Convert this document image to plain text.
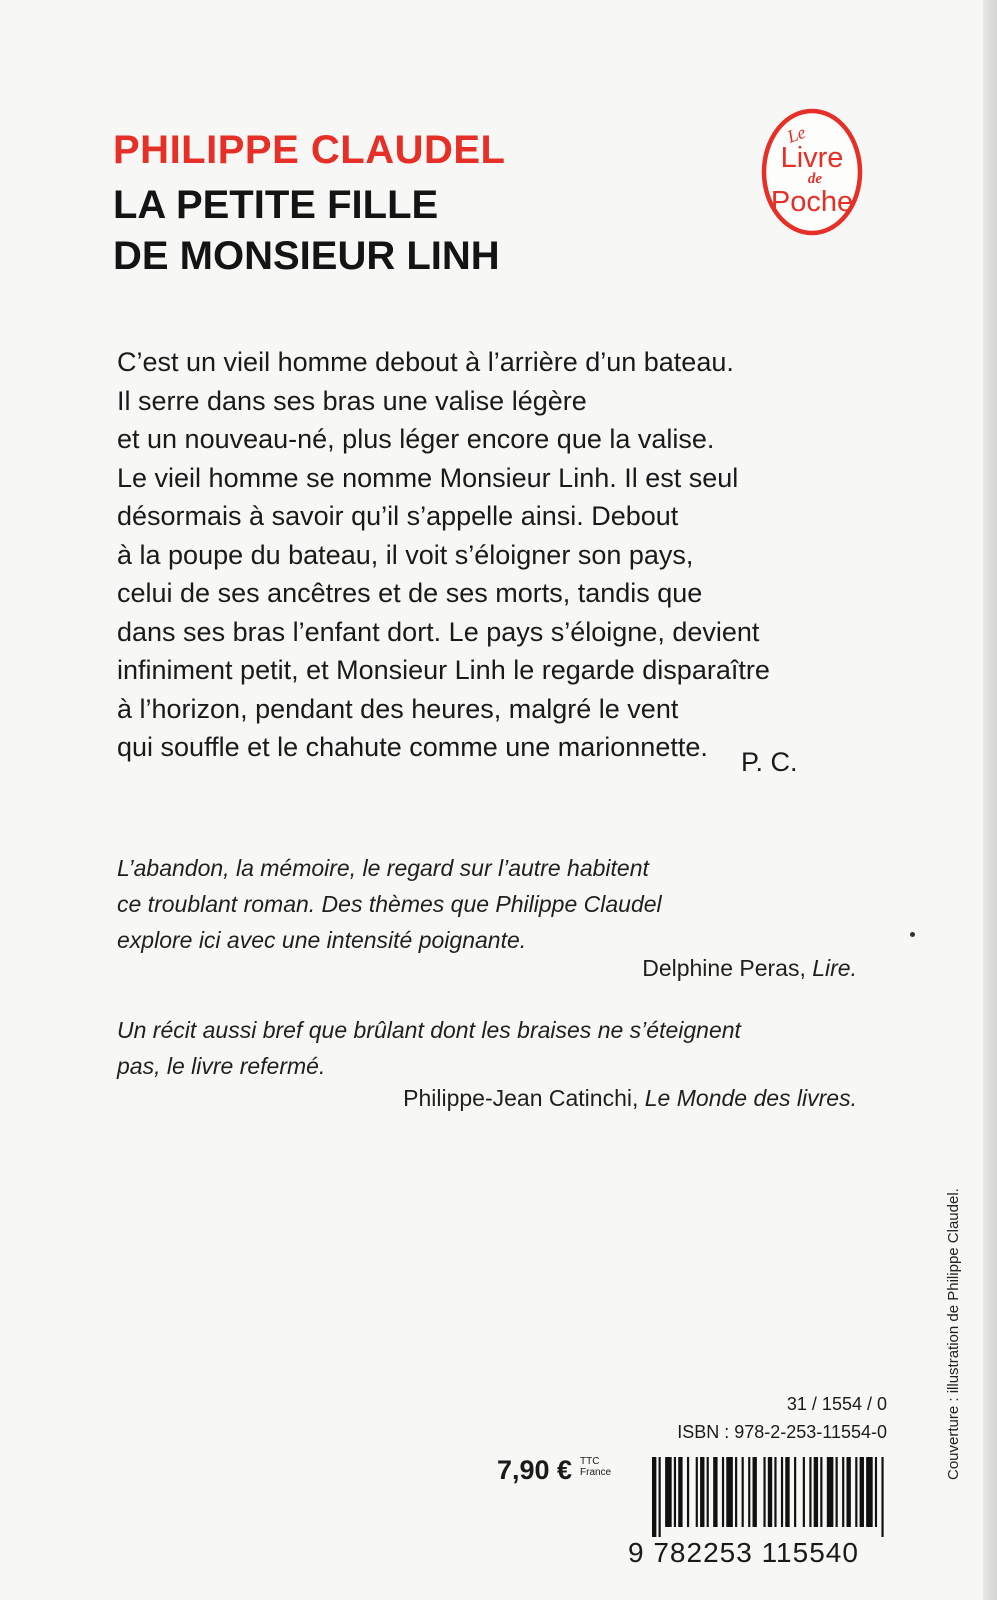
PHILIPPE CLAUDEL
LA PETITE FILLE
DE MONSIEUR LINH
Le
Livre
de
Poche
C’est un vieil homme debout à l’arrière d’un bateau.
Il serre dans ses bras une valise légère
et un nouveau-né, plus léger encore que la valise.
Le vieil homme se nomme Monsieur Linh. Il est seul
désormais à savoir qu’il s’appelle ainsi. Debout
à la poupe du bateau, il voit s’éloigner son pays,
celui de ses ancêtres et de ses morts, tandis que
dans ses bras l’enfant dort. Le pays s’éloigne, devient
infiniment petit, et Monsieur Linh le regarde disparaître
à l’horizon, pendant des heures, malgré le vent
qui souffle et le chahute comme une marionnette.	P. C.
L’abandon, la mémoire, le regard sur l’autre habitent
ce troublant roman. Des thèmes que Philippe Claudel
explore ici avec une intensité poignante.
Delphine Peras, Lire.
Un récit aussi bref que brûlant dont les braises ne s’éteignent
pas, le livre refermé.
Philippe-Jean Catinchi, Le Monde des livres.
Couverture : illustration de Philippe Claudel.
31 / 1554 / 0
ISBN : 978-2-253-11554-0
7,90 € TTC
France
9 782253 115540
